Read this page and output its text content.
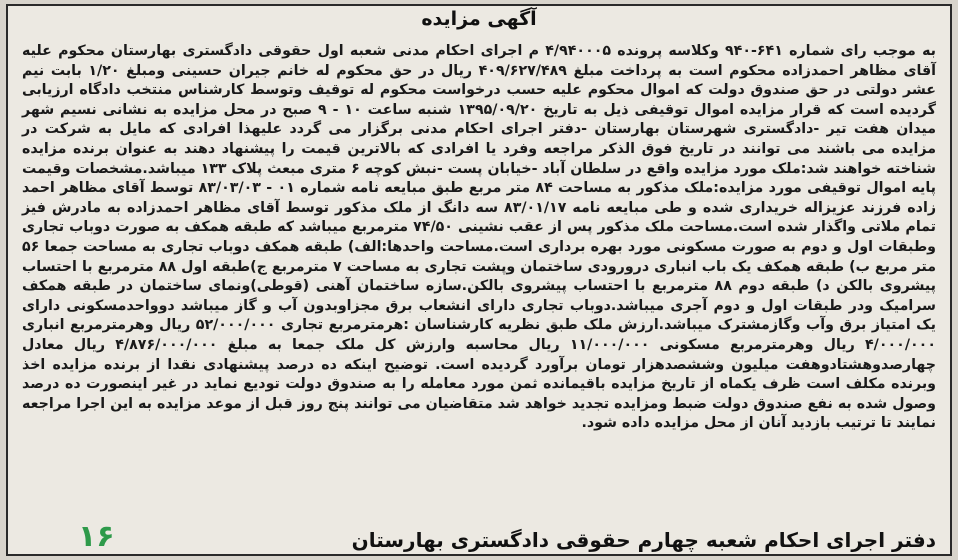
آگهی مزایده
به موجب رای شماره ۶۴۱-۹۴۰ وکلاسه پرونده ۴/۹۴۰۰۰۵ م اجرای احکام مدنی شعبه اول حقوقی دادگستری بهارستان محکوم علیه آقای مظاهر احمدزاده محکوم است به پرداخت مبلغ ۴۰۹/۶۲۷/۴۸۹ ریال در حق محکوم له خانم جیران حسینی ومبلغ ۱/۲۰ بابت نیم عشر دولتی در حق صندوق دولت که اموال محکوم علیه حسب درخواست محکوم له توقیف وتوسط کارشناس منتخب دادگاه ارزیابی گردیده است که قرار مزایده اموال توقیفی ذیل به تاریخ ۱۳۹۵/۰۹/۲۰ شنبه ساعت ۱۰ - ۹ صبح در محل مزایده به نشانی نسیم شهر میدان هفت تیر -دادگستری شهرستان بهارستان -دفتر اجرای احکام مدنی برگزار می گردد علیهذا افرادی که مایل به شرکت در مزایده می باشند می توانند در تاریخ فوق الذکر مراجعه وفرد یا افرادی که بالاترین قیمت را پیشنهاد دهند به عنوان برنده مزایده شناخته خواهند شد:ملک مورد مزایده واقع در سلطان آباد -خیابان پست -نبش کوچه ۶ متری مبعث پلاک ۱۳۳ میباشد.مشخصات وقیمت پایه اموال توقیفی مورد مزایده:ملک مذکور به مساحت ۸۴ متر مربع طبق مبایعه نامه شماره ۰۱ - ۸۳/۰۳/۰۳ توسط آقای مظاهر احمد زاده فرزند عزیزاله خریداری شده و طی مبایعه نامه ۸۳/۰۱/۱۷ سه دانگ از ملک مذکور توسط آقای مظاهر احمدزاده به مادرش فیز تمام ملاتی واگذار شده است.مساحت ملک مذکور پس از عقب نشینی ۷۴/۵۰ مترمربع میباشد که طبقه همکف به صورت دوباب تجاری وطبقات اول و دوم به صورت مسکونی مورد بهره برداری است.مساحت واحدها:الف) طبقه همکف دوباب تجاری به مساحت جمعا ۵۶ متر مربع ب) طبقه همکف یک باب انباری درورودی ساختمان وپشت تجاری به مساحت ۷ مترمربع ج)طبقه اول ۸۸ مترمربع با احتساب پیشروی بالکن د) طبقه دوم ۸۸ مترمربع با احتساب پیشروی بالکن.سازه ساختمان آهنی (قوطی)ونمای ساختمان در طبقه همکف سرامیک ودر طبقات اول و دوم آجری میباشد.دوباب تجاری دارای انشعاب برق مجزاوبدون آب و گاز میباشد دوواحدمسکونی دارای یک امتیاز برق وآب وگازمشترک میباشد.ارزش ملک طبق نظریه کارشناسان :هرمترمربع تجاری ۵۲/۰۰۰/۰۰۰ ریال وهرمترمربع انباری ۴/۰۰۰/۰۰۰ ریال وهرمترمربع مسکونی ۱۱/۰۰۰/۰۰۰ ریال محاسبه وارزش کل ملک جمعا به مبلغ ۴/۸۷۶/۰۰۰/۰۰۰ ریال معادل چهارصدوهشتادوهفت میلیون وششصدهزار تومان برآورد گردیده است. توضیح اینکه ده درصد پیشنهادی نقدا از برنده مزایده اخذ وبرنده مکلف است ظرف یکماه از تاریخ مزایده باقیمانده ثمن مورد معامله را به صندوق دولت تودیع نماید در غیر اینصورت ده درصد وصول شده به نفع صندوق دولت ضبط ومزایده تجدید خواهد شد متقاضیان می توانند پنج روز قبل از موعد مزایده به این اجرا مراجعه نمایند تا ترتیب بازدید آنان از محل مزایده داده شود.
۱۶	دفتر اجرای احکام شعبه چهارم حقوقی دادگستری بهارستان
